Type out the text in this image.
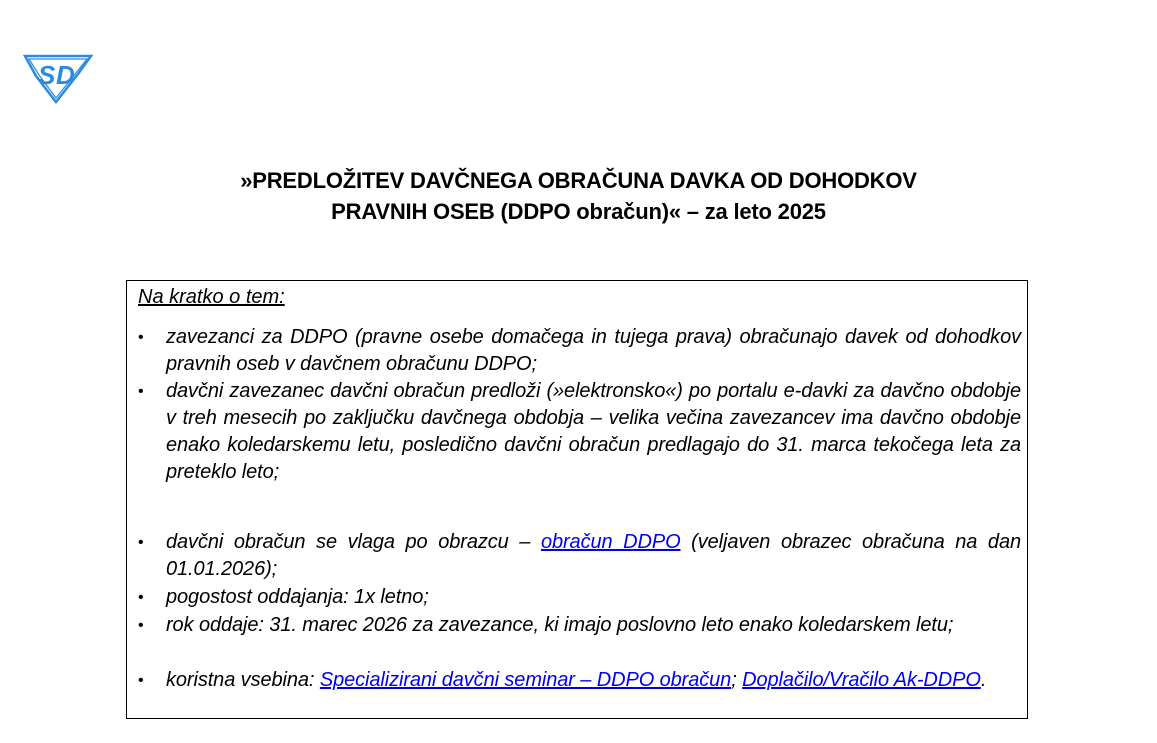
S D
»PREDLOŽITEV DAVČNEGA OBRAČUNA DAVKA OD DOHODKOV
PRAVNIH OSEB (DDPO obračun)« – za leto 2025
Na kratko o tem:
• zavezanci za DDPO (pravne osebe domačega in tujega prava) obračunajo davek od dohodkov pravnih oseb v davčnem obračunu DDPO;
• davčni zavezanec davčni obračun predloži (»elektronsko«) po portalu e-davki za davčno obdobje v treh mesecih po zaključku davčnega obdobja – velika večina zavezancev ima davčno obdobje enako koledarskemu letu, posledično davčni obračun predlagajo do 31. marca tekočega leta za preteklo leto;
• davčni obračun se vlaga po obrazcu – obračun DDPO (veljaven obrazec obračuna na dan 01.01.2026);
• pogostost oddajanja: 1x letno;
• rok oddaje: 31. marec 2026 za zavezance, ki imajo poslovno leto enako koledarskem letu;
• koristna vsebina: Specializirani davčni seminar – DDPO obračun; Doplačilo/Vračilo Ak-DDPO.
